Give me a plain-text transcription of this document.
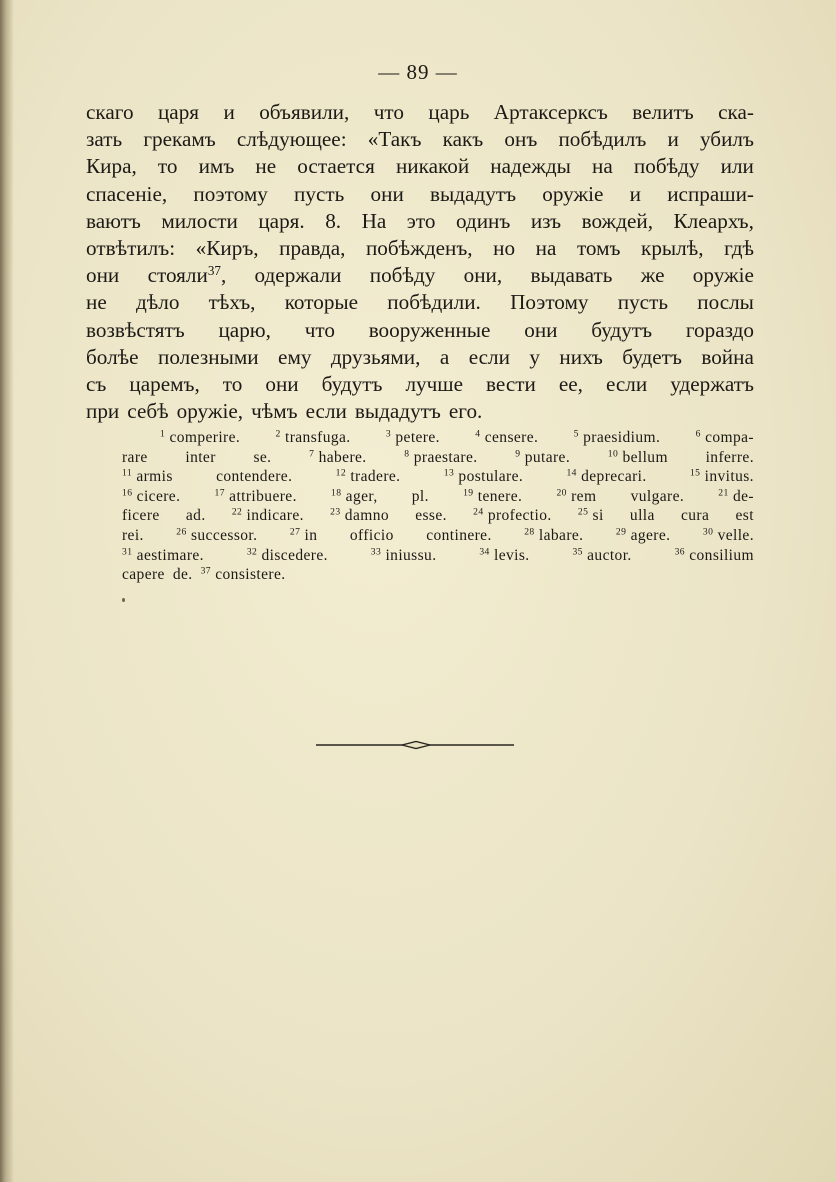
— 89 —
скаго царя и объявили, что царь Артаксерксъ велитъ ска-
зать грекамъ слѣдующее: «Такъ какъ онъ побѣдилъ и убилъ
Кира, то имъ не остается никакой надежды на побѣду или
спасеніе, поэтому пусть они выдадутъ оружіе и испраши-
ваютъ милости царя. 8. На это одинъ изъ вождей, Клеархъ,
отвѣтилъ: «Киръ, правда, побѣжденъ, но на томъ крылѣ, гдѣ
они стояли$^{37}$, одержали побѣду они, выдавать же оружіе
не дѣло тѣхъ, которые побѣдили. Поэтому пусть послы
возвѣстятъ царю, что вооруженные они будутъ гораздо
болѣе полезными ему друзьями, а если у нихъ будетъ война
съ царемъ, то они будутъ лучше вести ее, если удержатъ
при себѣ оружіе, чѣмъ если выдадутъ его.
$^1$ comperire.	$^2$ transfuga.	$^3$ petere.	$^4$ censere.	$^5$ praesidium.	$^6$ compa-
rare inter se.	$^7$ habere.	$^8$ praestare.	$^9$ putare.	$^{10}$ bellum inferre.
$^{11}$ armis	contendere.	$^{12}$ tradere.	$^{13}$ postulare.	$^{14}$ deprecari.	$^{15}$ invitus.
$^{16}$ cicere.	$^{17}$ attribuere.	$^{18}$ ager, pl.	$^{19}$ tenere.	$^{20}$ rem vulgare.	$^{21}$ de-
ficere ad.	$^{22}$ indicare.	$^{23}$ damno esse.	$^{24}$ profectio.	$^{25}$ si ulla cura est
rei.	$^{26}$ successor.	$^{27}$ in officio continere.	$^{28}$ labare.	$^{29}$ agere.	$^{30}$ velle.
$^{31}$ aestimare.	$^{32}$ discedere.	$^{33}$ iniussu.	$^{34}$ levis.	$^{35}$ auctor.	$^{36}$ consilium
capere de. $^{37}$ consistere.
